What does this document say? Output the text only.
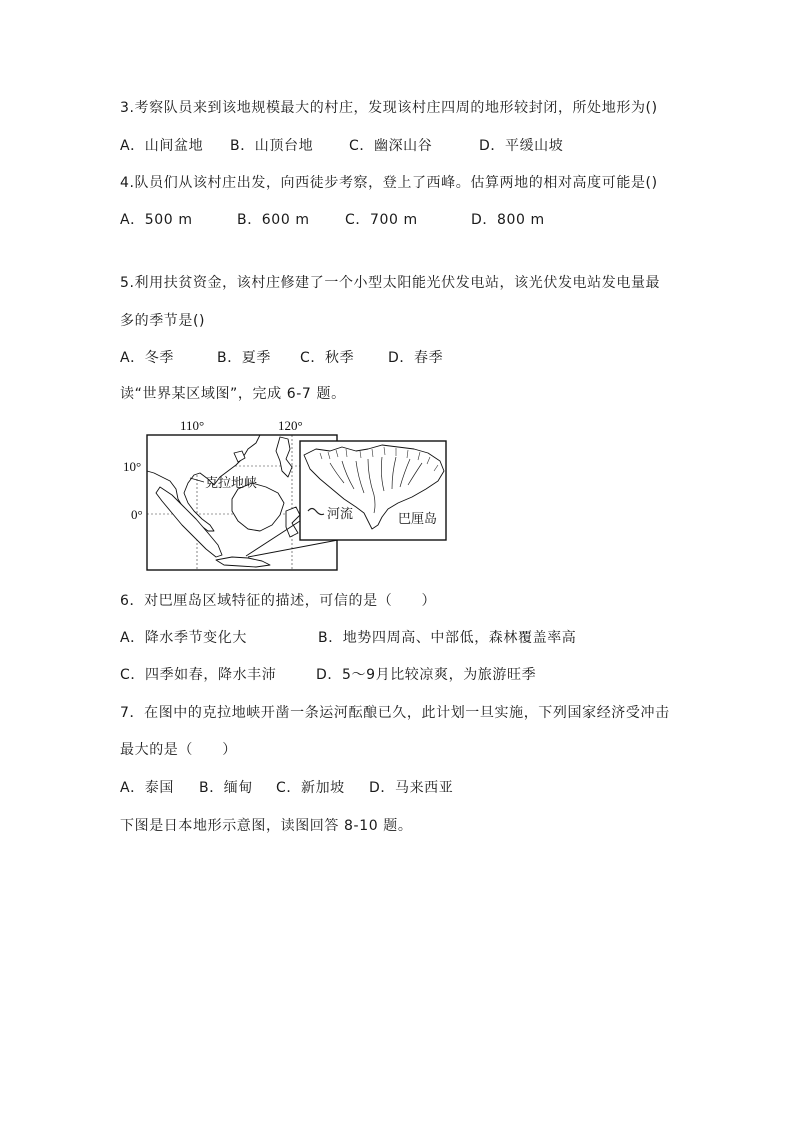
3.考察队员来到该地规模最大的村庄，发现该村庄四周的地形较封闭，所处地形为()
A．山间盆地 B．山顶台地	C．幽深山谷	D．平缓山坡
4.队员们从该村庄出发，向西徒步考察，登上了西峰。估算两地的相对高度可能是()
A．500 m	B．600 m	C．700 m	D．800 m
5.利用扶贫资金，该村庄修建了一个小型太阳能光伏发电站，该光伏发电站发电量最
多的季节是()
A．冬季	B．夏季 C．秋季 D．春季
读“世界某区域图”，完成 6-7 题。
110°	120°
10°
0°
克拉地峡
河流	巴厘岛
6．对巴厘岛区域特征的描述，可信的是（　　）
A．降水季节变化大	B．地势四周高、中部低，森林覆盖率高
C．四季如春，降水丰沛	D．5～9月比较凉爽，为旅游旺季
7．在图中的克拉地峡开凿一条运河酝酿已久，此计划一旦实施，下列国家经济受冲击
最大的是（　　）
A．泰国 B．缅甸 C．新加坡 D．马来西亚
下图是日本地形示意图，读图回答 8-10 题。
